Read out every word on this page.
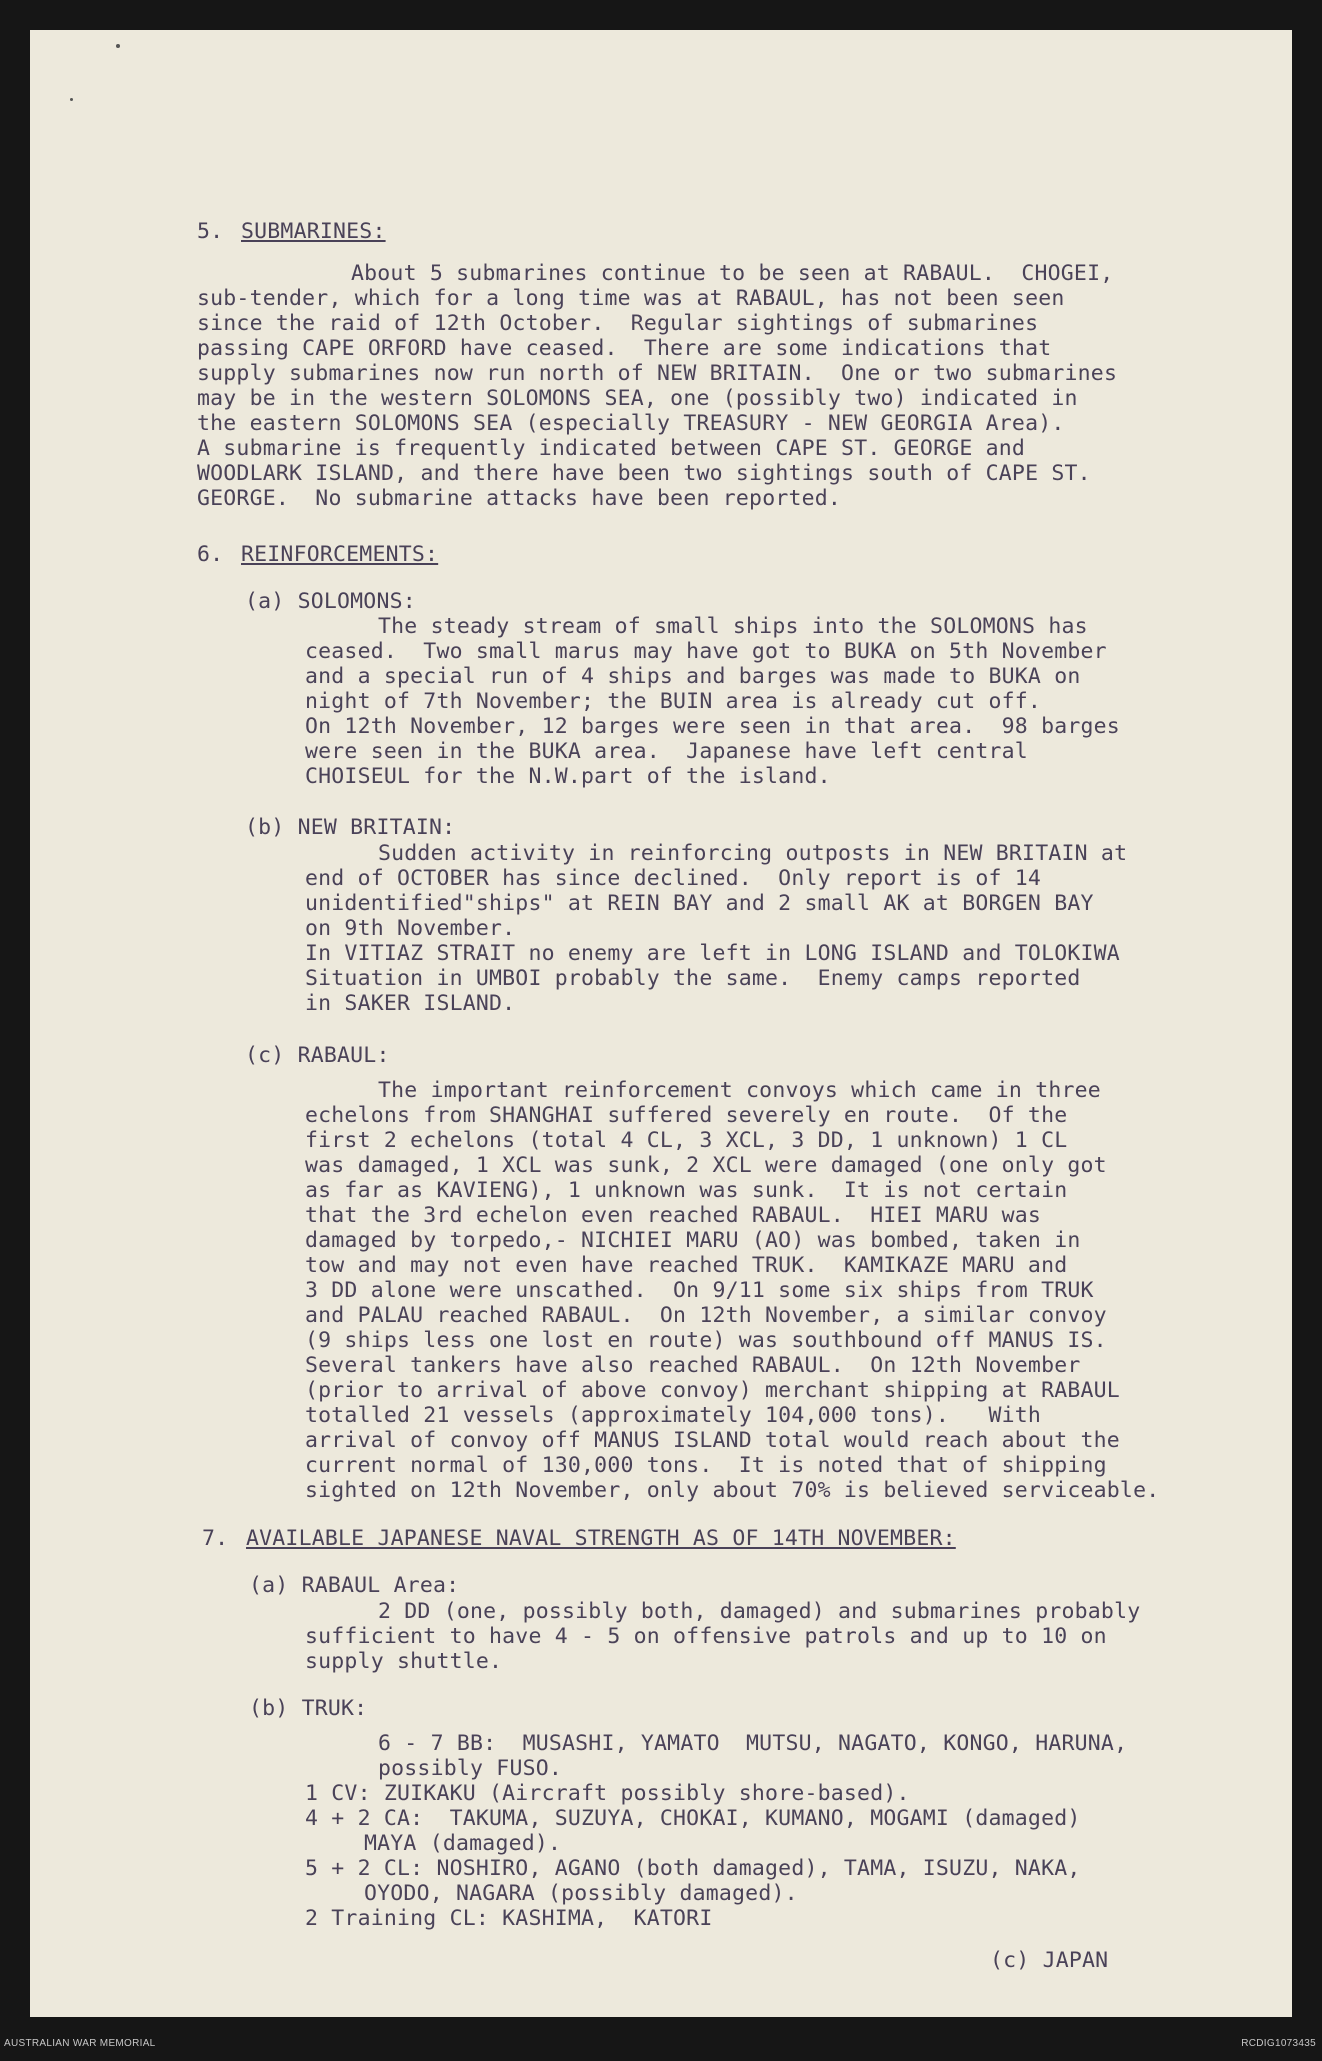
5. SUBMARINES:
About 5 submarines continue to be seen at RABAUL.  CHOGEI,
sub-tender, which for a long time was at RABAUL, has not been seen
since the raid of 12th October.  Regular sightings of submarines
passing CAPE ORFORD have ceased.  There are some indications that
supply submarines now run north of NEW BRITAIN.  One or two submarines
may be in the western SOLOMONS SEA, one (possibly two) indicated in
the eastern SOLOMONS SEA (especially TREASURY - NEW GEORGIA Area).
A submarine is frequently indicated between CAPE ST. GEORGE and
WOODLARK ISLAND, and there have been two sightings south of CAPE ST.
GEORGE.  No submarine attacks have been reported.
6. REINFORCEMENTS:
(a) SOLOMONS:
The steady stream of small ships into the SOLOMONS has
ceased.  Two small marus may have got to BUKA on 5th November
and a special run of 4 ships and barges was made to BUKA on
night of 7th November; the BUIN area is already cut off.
On 12th November, 12 barges were seen in that area.  98 barges
were seen in the BUKA area.  Japanese have left central
CHOISEUL for the N.W.part of the island.
(b) NEW BRITAIN:
Sudden activity in reinforcing outposts in NEW BRITAIN at
end of OCTOBER has since declined.  Only report is of 14
unidentified"ships" at REIN BAY and 2 small AK at BORGEN BAY
on 9th November.
In VITIAZ STRAIT no enemy are left in LONG ISLAND and TOLOKIWA
Situation in UMBOI probably the same.  Enemy camps reported
in SAKER ISLAND.
(c) RABAUL:
The important reinforcement convoys which came in three
echelons from SHANGHAI suffered severely en route.  Of the
first 2 echelons (total 4 CL, 3 XCL, 3 DD, 1 unknown) 1 CL
was damaged, 1 XCL was sunk, 2 XCL were damaged (one only got
as far as KAVIENG), 1 unknown was sunk.  It is not certain
that the 3rd echelon even reached RABAUL.  HIEI MARU was
damaged by torpedo,- NICHIEI MARU (AO) was bombed, taken in
tow and may not even have reached TRUK.  KAMIKAZE MARU and
3 DD alone were unscathed.  On 9/11 some six ships from TRUK
and PALAU reached RABAUL.  On 12th November, a similar convoy
(9 ships less one lost en route) was southbound off MANUS IS.
Several tankers have also reached RABAUL.  On 12th November
(prior to arrival of above convoy) merchant shipping at RABAUL
totalled 21 vessels (approximately 104,000 tons).   With
arrival of convoy off MANUS ISLAND total would reach about the
current normal of 130,000 tons.  It is noted that of shipping
sighted on 12th November, only about 70% is believed serviceable.
7. AVAILABLE JAPANESE NAVAL STRENGTH AS OF 14TH NOVEMBER:
(a) RABAUL Area:
2 DD (one, possibly both, damaged) and submarines probably
sufficient to have 4 - 5 on offensive patrols and up to 10 on
supply shuttle.
(b) TRUK:
6 - 7 BB:  MUSASHI, YAMATO  MUTSU, NAGATO, KONGO, HARUNA,
possibly FUSO.
1 CV: ZUIKAKU (Aircraft possibly shore-based).
4 + 2 CA:  TAKUMA, SUZUYA, CHOKAI, KUMANO, MOGAMI (damaged)
MAYA (damaged).
5 + 2 CL: NOSHIRO, AGANO (both damaged), TAMA, ISUZU, NAKA,
OYODO, NAGARA (possibly damaged).
2 Training CL: KASHIMA,  KATORI
(c) JAPAN
AUSTRALIAN WAR MEMORIAL	RCDIG1073435
